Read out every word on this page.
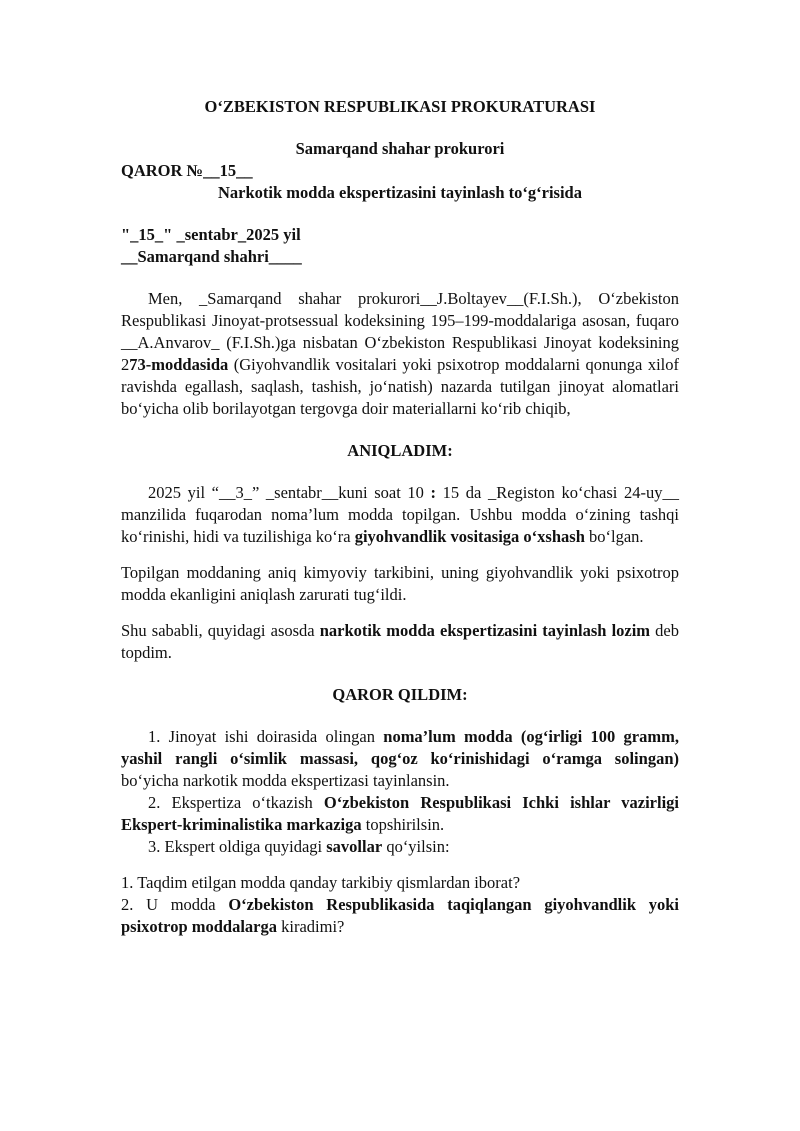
O‘ZBEKISTON RESPUBLIKASI PROKURATURASI

Samarqand shahar prokurori

QAROR №__15__

Narkotik modda ekspertizasini tayinlash to‘g‘risida

"_15_" _sentabr_2025 yil

__Samarqand shahri____

Men, _Samarqand shahar prokurori__J.Boltayev__(F.I.Sh.), O‘zbekiston Respublikasi Jinoyat-protsessual kodeksining 195–199-moddalariga asosan, fuqaro __A.Anvarov_ (F.I.Sh.)ga nisbatan O‘zbekiston Respublikasi Jinoyat kodeksining 273-moddasida (Giyohvandlik vositalari yoki psixotrop moddalarni qonunga xilof ravishda egallash, saqlash, tashish, jo‘natish) nazarda tutilgan jinoyat alomatlari bo‘yicha olib borilayotgan tergovga doir materiallarni ko‘rib chiqib,

ANIQLADIM:

2025 yil “__3_” _sentabr__kuni soat 10 : 15 da _Registon ko‘chasi 24-uy__ manzilida fuqarodan noma’lum modda topilgan. Ushbu modda o‘zining tashqi ko‘rinishi, hidi va tuzilishiga ko‘ra giyohvandlik vositasiga o‘xshash bo‘lgan.

Topilgan moddaning aniq kimyoviy tarkibini, uning giyohvandlik yoki psixotrop modda ekanligini aniqlash zarurati tug‘ildi.

Shu sababli, quyidagi asosda narkotik modda ekspertizasini tayinlash lozim deb topdim.

QAROR QILDIM:

1. Jinoyat ishi doirasida olingan noma’lum modda (og‘irligi 100 gramm, yashil rangli o‘simlik massasi, qog‘oz ko‘rinishidagi o‘ramga solingan) bo‘yicha narkotik modda ekspertizasi tayinlansin.

2. Ekspertiza o‘tkazish O‘zbekiston Respublikasi Ichki ishlar vazirligi Ekspert-kriminalistika markaziga topshirilsin.

3. Ekspert oldiga quyidagi savollar qo‘yilsin:

1. Taqdim etilgan modda qanday tarkibiy qismlardan iborat?

2. U modda O‘zbekiston Respublikasida taqiqlangan giyohvandlik yoki psixotrop moddalarga kiradimi?
